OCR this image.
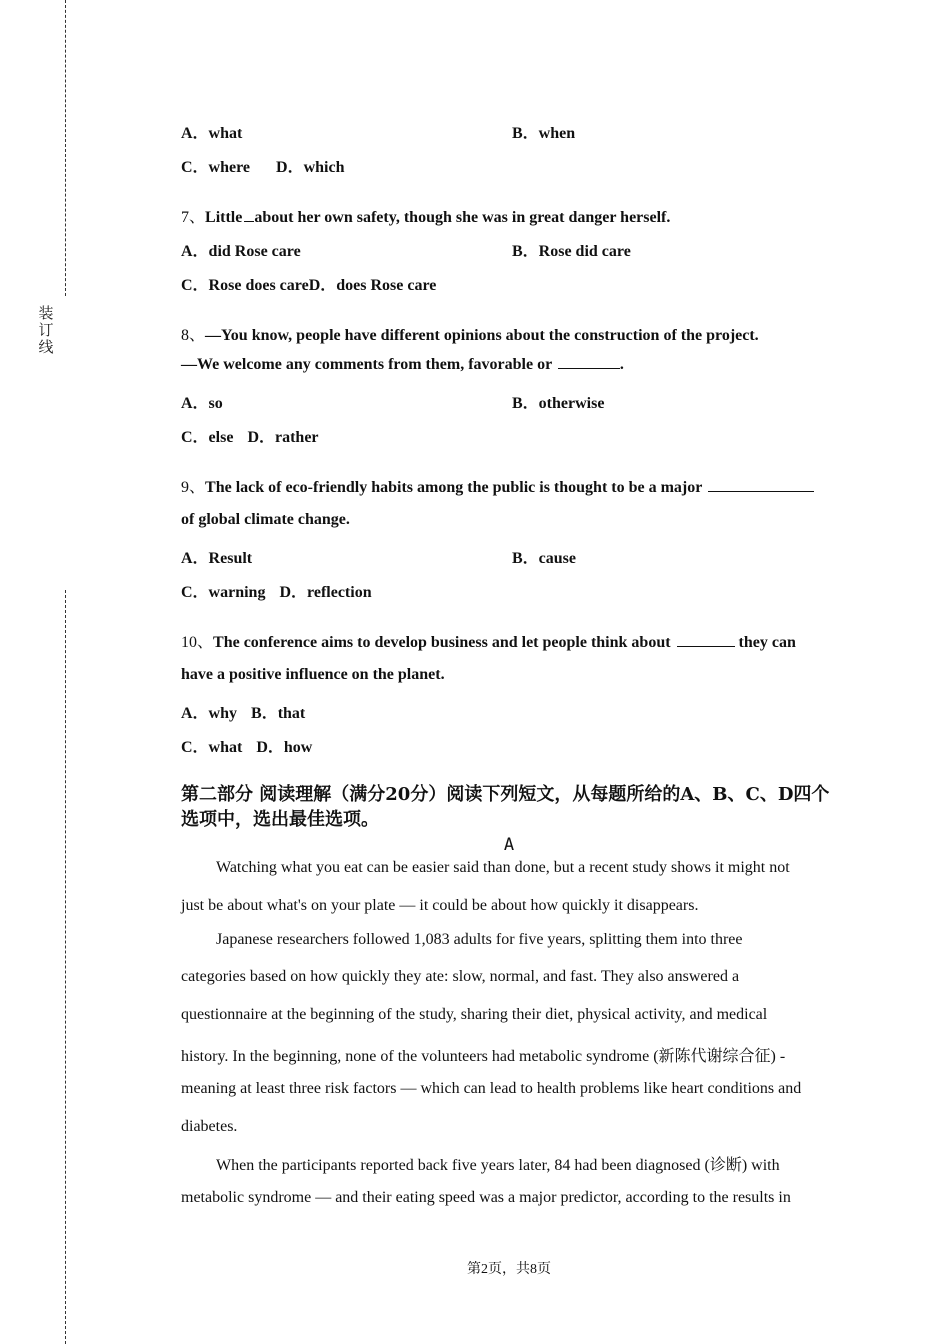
装
订
线
A．what	B．when
C．where D．which
7、Little about her own safety, though she was in great danger herself.
A．did Rose care	B．Rose did care
C．Rose does careD．does Rose care
8、—You know, people have different opinions about the construction of the project.
—We welcome any comments from them, favorable or	.
A．so	B．otherwise
C．else D．rather
9、The lack of eco-friendly habits among the public is thought to be a major
of global climate change.
A．Result	B．cause
C．warning D．reflection
10、The conference aims to develop business and let people think about	they can
have a positive influence on the planet.
A．why B．that
C．what D．how
第二部分 阅读理解（满分20分）阅读下列短文，从每题所给的A、B、C、D四个
选项中，选出最佳选项。
A
Watching what you eat can be easier said than done, but a recent study shows it might not
just be about what's on your plate — it could be about how quickly it disappears.
Japanese researchers followed 1,083 adults for five years, splitting them into three
categories based on how quickly they ate: slow, normal, and fast. They also answered a
questionnaire at the beginning of the study, sharing their diet, physical activity, and medical
history. In the beginning, none of the volunteers had metabolic syndrome (新陈代谢综合征) -
meaning at least three risk factors — which can lead to health problems like heart conditions and
diabetes.
When the participants reported back five years later, 84 had been diagnosed (诊断) with
metabolic syndrome — and their eating speed was a major predictor, according to the results in
第2页，共8页
